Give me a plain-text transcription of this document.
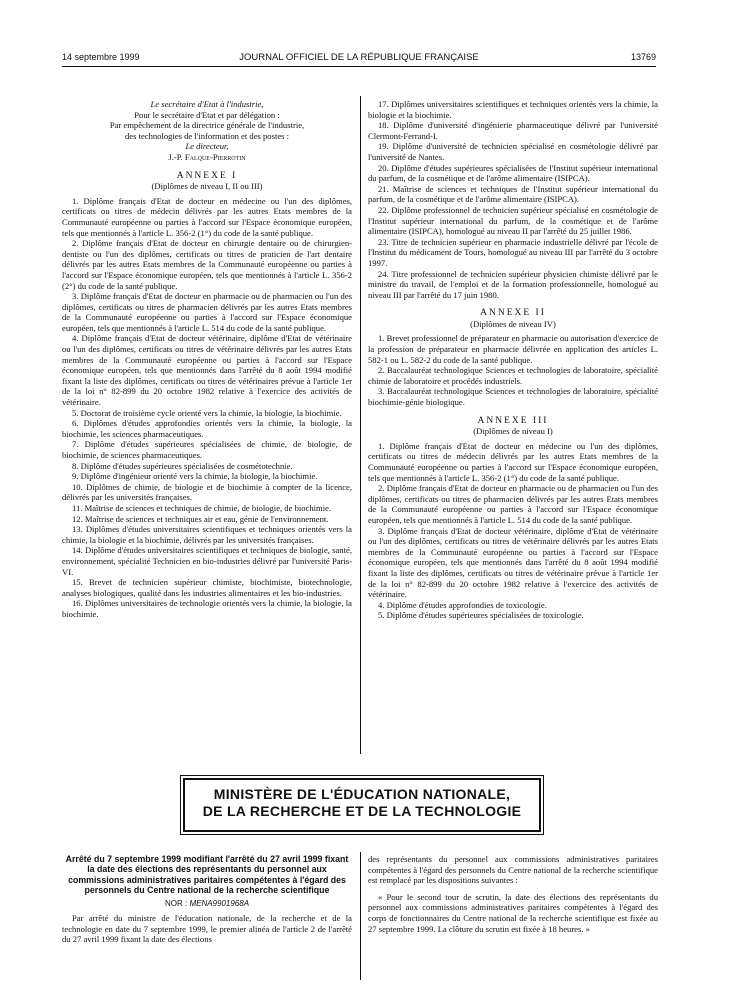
14 septembre 1999	JOURNAL OFFICIEL DE LA RÉPUBLIQUE FRANÇAISE	13769

Le secrétaire d'Etat à l'industrie,

Pour le secrétaire d'Etat et par délégation :

Par empêchement de la directrice générale de l'industrie,

des technologies de l'information et des postes :

Le directeur,

J.-P. Falque-Pierrotin

ANNEXE I

(Diplômes de niveau I, II ou III)

1. Diplôme français d'Etat de docteur en médecine ou l'un des diplômes, certificats ou titres de médecin délivrés par les autres Etats membres de la Communauté européenne ou parties à l'accord sur l'Espace économique européen, tels que mentionnés à l'article L. 356-2 (1°) du code de la santé publique.

2. Diplôme français d'Etat de docteur en chirurgie dentaire ou de chirurgien-dentiste ou l'un des diplômes, certificats ou titres de praticien de l'art dentaire délivrés par les autres Etats membres de la Communauté européenne ou parties à l'accord sur l'Espace économique européen, tels que mentionnés à l'article L. 356-2 (2°) du code de la santé publique.

3. Diplôme français d'Etat de docteur en pharmacie ou de pharmacien ou l'un des diplômes, certificats ou titres de pharmacien délivrés par les autres Etats membres de la Communauté européenne ou parties à l'accord sur l'Espace économique européen, tels que mentionnés à l'article L. 514 du code de la santé publique.

4. Diplôme français d'Etat de docteur vétérinaire, diplôme d'Etat de vétérinaire ou l'un des diplômes, certificats ou titres de vétérinaire délivrés par les autres Etats membres de la Communauté européenne ou parties à l'accord sur l'Espace économique européen, tels que mentionnés dans l'arrêté du 8 août 1994 modifié fixant la liste des diplômes, certificats ou titres de vétérinaires prévue à l'article 1er de la loi n° 82-899 du 20 octobre 1982 relative à l'exercice des activités de vétérinaire.

5. Doctorat de troisième cycle orienté vers la chimie, la biologie, la biochimie.

6. Diplômes d'études approfondies orientés vers la chimie, la biologie, la biochimie, les sciences pharmaceutiques.

7. Diplôme d'études supérieures spécialisées de chimie, de biologie, de biochimie, de sciences pharmaceutiques.

8. Diplôme d'études supérieures spécialisées de cosmétotechnie.

9. Diplôme d'ingénieur orienté vers la chimie, la biologie, la biochimie.

10. Diplômes de chimie, de biologie et de biochimie à compter de la licence, délivrés par les universités françaises.

11. Maîtrise de sciences et techniques de chimie, de biologie, de biochimie.

12. Maîtrise de sciences et techniques air et eau, génie de l'environnement.

13. Diplômes d'études universitaires scientifiques et techniques orientés vers la chimie, la biologie et la biochimie, délivrés par les universités françaises.

14. Diplôme d'études universitaires scientifiques et techniques de biologie, santé, environnement, spécialité Technicien en bio-industries délivré par l'université Paris-VI.

15. Brevet de technicien supérieur chimiste, biochimiste, biotechnologie, analyses biologiques, qualité dans les industries alimentaires et les bio-industries.

16. Diplômes universitaires de technologie orientés vers la chimie, la biologie, la biochimie.

17. Diplômes universitaires scientifiques et techniques orientés vers la chimie, la biologie et la biochimie.

18. Diplôme d'université d'ingénierie pharmaceutique délivré par l'université Clermont-Ferrand-I.

19. Diplôme d'université de technicien spécialisé en cosmétologie délivré par l'université de Nantes.

20. Diplôme d'études supérieures spécialisées de l'Institut supérieur international du parfum, de la cosmétique et de l'arôme alimentaire (ISIPCA).

21. Maîtrise de sciences et techniques de l'Institut supérieur international du parfum, de la cosmétique et de l'arôme alimentaire (ISIPCA).

22. Diplôme professionnel de technicien supérieur spécialisé en cosmétologie de l'Institut supérieur international du parfum, de la cosmétique et de l'arôme alimentaire (ISIPCA), homologué au niveau II par l'arrêté du 25 juillet 1986.

23. Titre de technicien supérieur en pharmacie industrielle délivré par l'école de l'Institut du médicament de Tours, homologué au niveau III par l'arrêté du 3 octobre 1997.

24. Titre professionnel de technicien supérieur physicien chimiste délivré par le ministre du travail, de l'emploi et de la formation professionnelle, homologué au niveau III par l'arrêté du 17 juin 1980.

ANNEXE II

(Diplômes de niveau IV)

1. Brevet professionnel de préparateur en pharmacie ou autorisation d'exercice de la profession de préparateur en pharmacie délivrée en application des articles L. 582-1 ou L. 582-2 du code de la santé publique.

2. Baccalauréat technologique Sciences et technologies de laboratoire, spécialité chimie de laboratoire et procédés industriels.

3. Baccalauréat technologique Sciences et technologies de laboratoire, spécialité biochimie-génie biologique.

ANNEXE III

(Diplômes de niveau I)

1. Diplôme français d'Etat de docteur en médecine ou l'un des diplômes, certificats ou titres de médecin délivrés par les autres Etats membres de la Communauté européenne ou parties à l'accord sur l'Espace économique européen, tels que mentionnés à l'article L. 356-2 (1°) du code de la santé publique.

2. Diplôme français d'Etat de docteur en pharmacie ou de pharmacien ou l'un des diplômes, certificats ou titres de pharmacien délivrés par les autres Etats membres de la Communauté européenne ou parties à l'accord sur l'Espace économique européen, tels que mentionnés à l'article L. 514 du code de la santé publique.

3. Diplôme français d'Etat de docteur vétérinaire, diplôme d'Etat de vétérinaire ou l'un des diplômes, certificats ou titres de vétérinaire délivrés par les autres Etats membres de la Communauté européenne ou parties à l'accord sur l'Espace économique européen, tels que mentionnés dans l'arrêté du 8 août 1994 modifié fixant la liste des diplômes, certificats ou titres de vétérinaire prévue à l'article 1er de la loi n° 82-899 du 20 octobre 1982 relative à l'exercice des activités de vétérinaire.

4. Diplôme d'études approfondies de toxicologie.

5. Diplôme d'études supérieures spécialisées de toxicologie.

MINISTÈRE DE L'ÉDUCATION NATIONALE,
DE LA RECHERCHE ET DE LA TECHNOLOGIE

Arrêté du 7 septembre 1999 modifiant l'arrêté du 27 avril 1999 fixant la date des élections des représentants du personnel aux commissions administratives paritaires compétentes à l'égard des personnels du Centre national de la recherche scientifique

NOR : MENA9901968A

Par arrêté du ministre de l'éducation nationale, de la recherche et de la technologie en date du 7 septembre 1999, le premier alinéa de l'article 2 de l'arrêté du 27 avril 1999 fixant la date des élections

des représentants du personnel aux commissions administratives paritaires compétentes à l'égard des personnels du Centre national de la recherche scientifique est remplacé par les dispositions suivantes :

« Pour le second tour de scrutin, la date des élections des représentants du personnel aux commissions administratives paritaires compétentes à l'égard des corps de fonctionnaires du Centre national de la recherche scientifique est fixée au 27 septembre 1999. La clôture du scrutin est fixée à 18 heures. »
